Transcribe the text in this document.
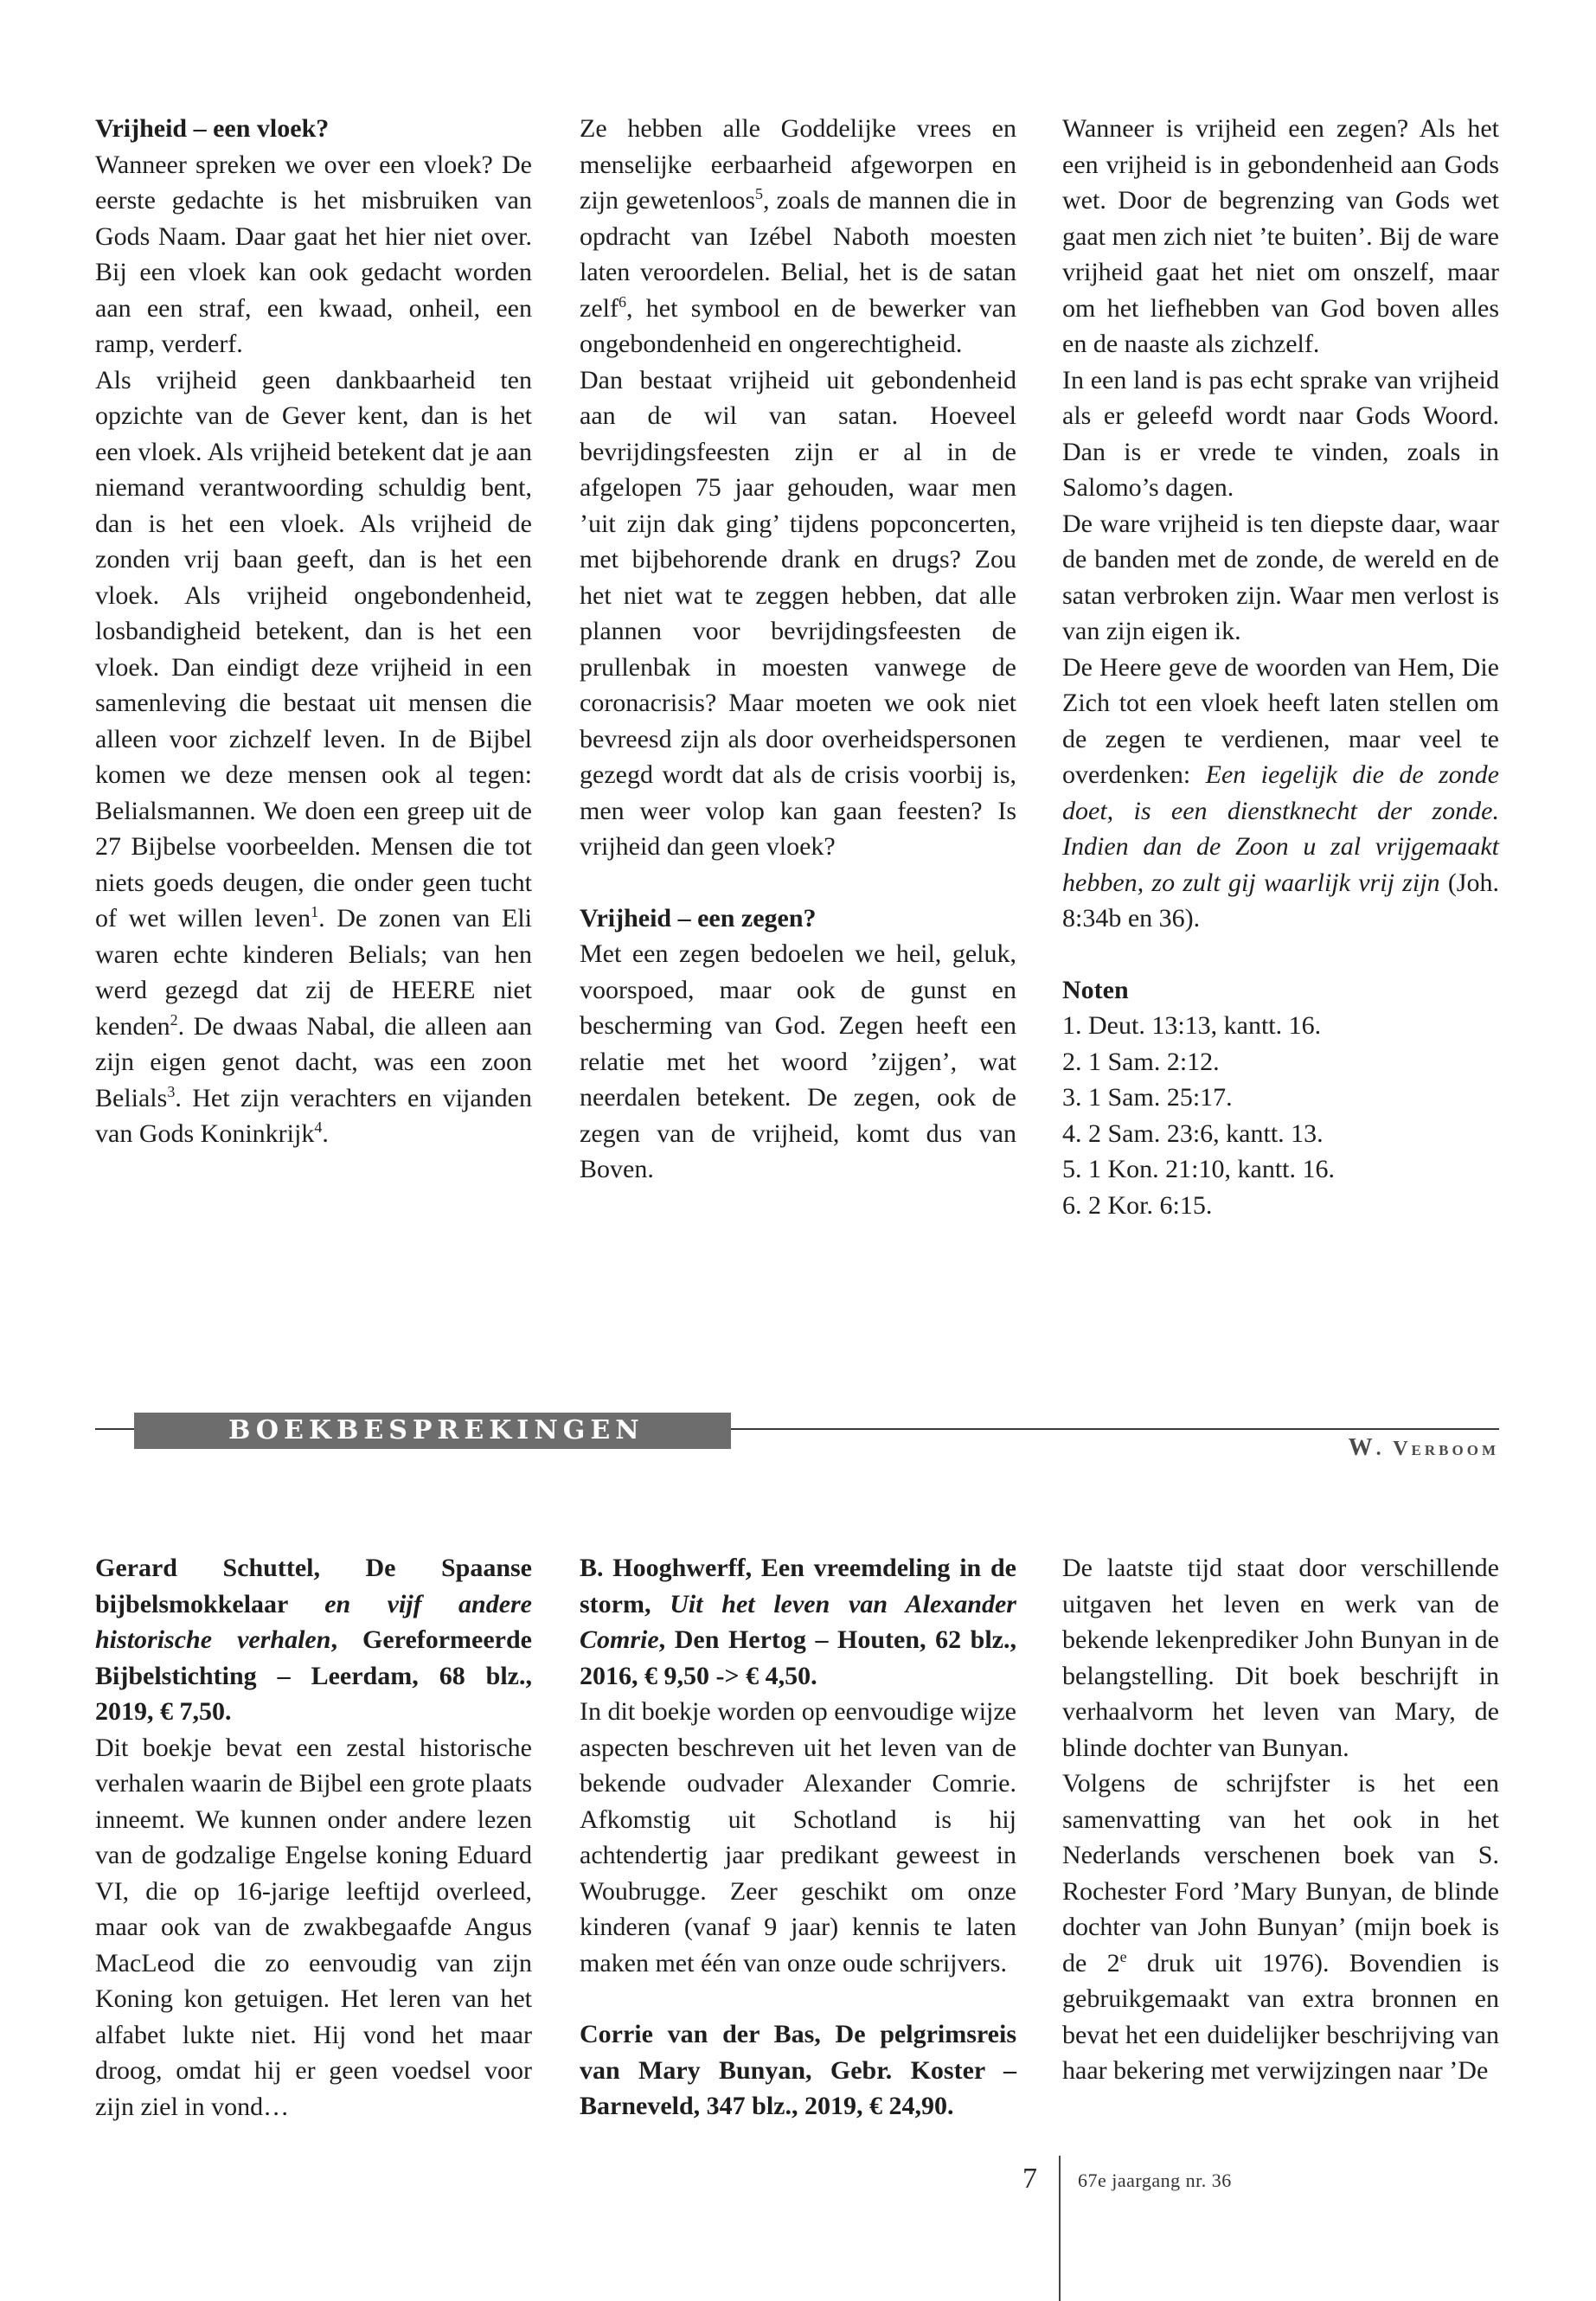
Vrijheid – een vloek?

Wanneer spreken we over een vloek? De eerste gedachte is het misbruiken van Gods Naam. Daar gaat het hier niet over. Bij een vloek kan ook gedacht worden aan een straf, een kwaad, onheil, een ramp, verderf.

Als vrijheid geen dankbaarheid ten opzichte van de Gever kent, dan is het een vloek. Als vrijheid betekent dat je aan niemand verantwoording schuldig bent, dan is het een vloek. Als vrijheid de zonden vrij baan geeft, dan is het een vloek. Als vrijheid ongebondenheid, losbandigheid betekent, dan is het een vloek. Dan eindigt deze vrijheid in een samenleving die bestaat uit mensen die alleen voor zichzelf leven. In de Bijbel komen we deze mensen ook al tegen: Belialsmannen. We doen een greep uit de 27 Bijbelse voorbeelden. Mensen die tot niets goeds deugen, die onder geen tucht of wet willen leven$^1$. De zonen van Eli waren echte kinderen Belials; van hen werd gezegd dat zij de HEERE niet kenden$^2$. De dwaas Nabal, die alleen aan zijn eigen genot dacht, was een zoon Belials$^3$. Het zijn verachters en vijanden van Gods Koninkrijk$^4$.

Ze hebben alle Goddelijke vrees en menselijke eerbaarheid afgeworpen en zijn gewetenloos$^5$, zoals de mannen die in opdracht van Izébel Naboth moesten laten veroordelen. Belial, het is de satan zelf$^6$, het symbool en de bewerker van ongebondenheid en ongerechtigheid.

Dan bestaat vrijheid uit gebondenheid aan de wil van satan. Hoeveel bevrijdingsfeesten zijn er al in de afgelopen 75 jaar gehouden, waar men ’uit zijn dak ging’ tijdens popconcerten, met bijbehorende drank en drugs? Zou het niet wat te zeggen hebben, dat alle plannen voor bevrijdingsfeesten de prullenbak in moesten vanwege de coronacrisis? Maar moeten we ook niet bevreesd zijn als door overheidspersonen gezegd wordt dat als de crisis voorbij is, men weer volop kan gaan feesten? Is vrijheid dan geen vloek?

Vrijheid – een zegen?

Met een zegen bedoelen we heil, geluk, voorspoed, maar ook de gunst en bescherming van God. Zegen heeft een relatie met het woord ’zijgen’, wat neerdalen betekent. De zegen, ook de zegen van de vrijheid, komt dus van Boven.

Wanneer is vrijheid een zegen? Als het een vrijheid is in gebondenheid aan Gods wet. Door de begrenzing van Gods wet gaat men zich niet ’te buiten’. Bij de ware vrijheid gaat het niet om onszelf, maar om het liefhebben van God boven alles en de naaste als zichzelf.

In een land is pas echt sprake van vrijheid als er geleefd wordt naar Gods Woord. Dan is er vrede te vinden, zoals in Salomo’s dagen.

De ware vrijheid is ten diepste daar, waar de banden met de zonde, de wereld en de satan verbroken zijn. Waar men verlost is van zijn eigen ik.

De Heere geve de woorden van Hem, Die Zich tot een vloek heeft laten stellen om de zegen te verdienen, maar veel te overdenken: Een iegelijk die de zonde doet, is een dienstknecht der zonde. Indien dan de Zoon u zal vrijgemaakt hebben, zo zult gij waarlijk vrij zijn (Joh. 8:34b en 36).

Noten

1. Deut. 13:13, kantt. 16.

2. 1 Sam. 2:12.

3. 1 Sam. 25:17.

4. 2 Sam. 23:6, kantt. 13.

5. 1 Kon. 21:10, kantt. 16.

6. 2 Kor. 6:15.

BOEKBESPREKINGEN
W. Verboom

Gerard Schuttel, De Spaanse bijbelsmokkelaar en vijf andere historische verhalen, Gereformeerde Bijbelstichting – Leerdam, 68 blz., 2019, € 7,50.

Dit boekje bevat een zestal historische verhalen waarin de Bijbel een grote plaats inneemt. We kunnen onder andere lezen van de godzalige Engelse koning Eduard VI, die op 16-jarige leeftijd overleed, maar ook van de zwakbegaafde Angus MacLeod die zo eenvoudig van zijn Koning kon getuigen. Het leren van het alfabet lukte niet. Hij vond het maar droog, omdat hij er geen voedsel voor zijn ziel in vond…

B. Hooghwerff, Een vreemdeling in de storm, Uit het leven van Alexander Comrie, Den Hertog – Houten, 62 blz., 2016, € 9,50 -> € 4,50.

In dit boekje worden op eenvoudige wijze aspecten beschreven uit het leven van de bekende oudvader Alexander Comrie. Afkomstig uit Schotland is hij achtendertig jaar predikant geweest in Woubrugge. Zeer geschikt om onze kinderen (vanaf 9 jaar) kennis te laten maken met één van onze oude schrijvers.

Corrie van der Bas, De pelgrimsreis van Mary Bunyan, Gebr. Koster – Barneveld, 347 blz., 2019, € 24,90.

De laatste tijd staat door verschillende uitgaven het leven en werk van de bekende lekenprediker John Bunyan in de belangstelling. Dit boek beschrijft in verhaalvorm het leven van Mary, de blinde dochter van Bunyan.

Volgens de schrijfster is het een samenvatting van het ook in het Nederlands verschenen boek van S. Rochester Ford ’Mary Bunyan, de blinde dochter van John Bunyan’ (mijn boek is de 2e druk uit 1976). Bovendien is gebruikgemaakt van extra bronnen en bevat het een duidelijker beschrijving van haar bekering met verwijzingen naar ’De

7 67e jaargang nr. 36
